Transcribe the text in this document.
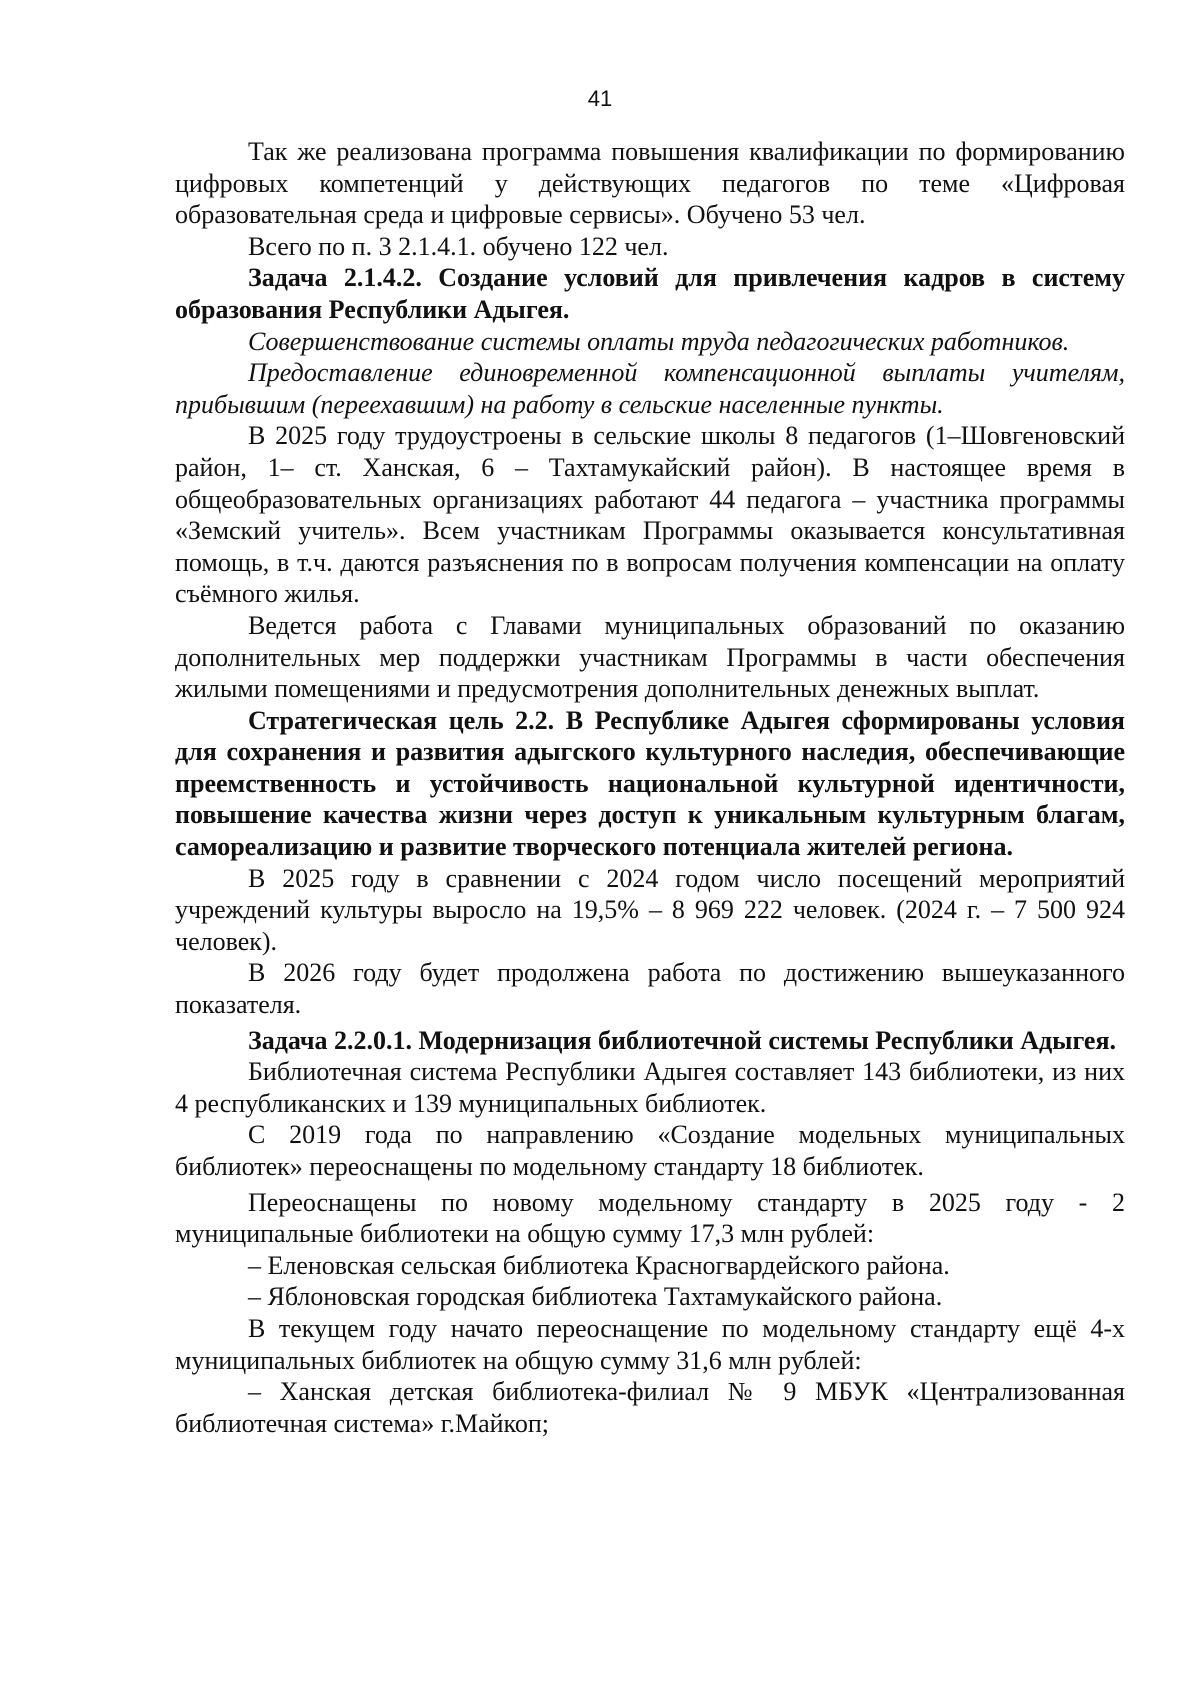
41

Так же реализована программа повышения квалификации по формированию цифровых компетенций у действующих педагогов по теме «Цифровая образовательная среда и цифровые сервисы». Обучено 53 чел.

Всего по п. 3 2.1.4.1. обучено 122 чел.

Задача 2.1.4.2. Создание условий для привлечения кадров в систему образования Республики Адыгея.

Совершенствование системы оплаты труда педагогических работников.

Предоставление единовременной компенсационной выплаты учителям, прибывшим (переехавшим) на работу в сельские населенные пункты.

В 2025 году трудоустроены в сельские школы 8 педагогов (1–Шовгеновский район, 1– ст. Ханская, 6 – Тахтамукайский район). В настоящее время в общеобразовательных организациях работают 44 педагога – участника программы «Земский учитель». Всем участникам Программы оказывается консультативная помощь, в т.ч. даются разъяснения по в вопросам получения компенсации на оплату съёмного жилья.

Ведется работа с Главами муниципальных образований по оказанию дополнительных мер поддержки участникам Программы в части обеспечения жилыми помещениями и предусмотрения дополнительных денежных выплат.

Стратегическая цель 2.2. В Республике Адыгея сформированы условия для сохранения и развития адыгского культурного наследия, обеспечивающие преемственность и устойчивость национальной культурной идентичности, повышение качества жизни через доступ к уникальным культурным благам, самореализацию и развитие творческого потенциала жителей региона.

В 2025 году в сравнении с 2024 годом число посещений мероприятий учреждений культуры выросло на 19,5% – 8 969 222 человек. (2024 г. – 7 500 924 человек).

В 2026 году будет продолжена работа по достижению вышеуказанного показателя.

Задача 2.2.0.1. Модернизация библиотечной системы Республики Адыгея.

Библиотечная система Республики Адыгея составляет 143 библиотеки, из них 4 республиканских и 139 муниципальных библиотек.

С 2019 года по направлению «Создание модельных муниципальных библиотек» переоснащены по модельному стандарту 18 библиотек.

Переоснащены по новому модельному стандарту в 2025 году - 2 муниципальные библиотеки на общую сумму 17,3 млн рублей:

– Еленовская сельская библиотека Красногвардейского района.

– Яблоновская городская библиотека Тахтамукайского района.

В текущем году начато переоснащение по модельному стандарту ещё 4-х муниципальных библиотек на общую сумму 31,6 млн рублей:

– Ханская детская библиотека-филиал № 9 МБУК «Централизованная библиотечная система» г.Майкоп;
